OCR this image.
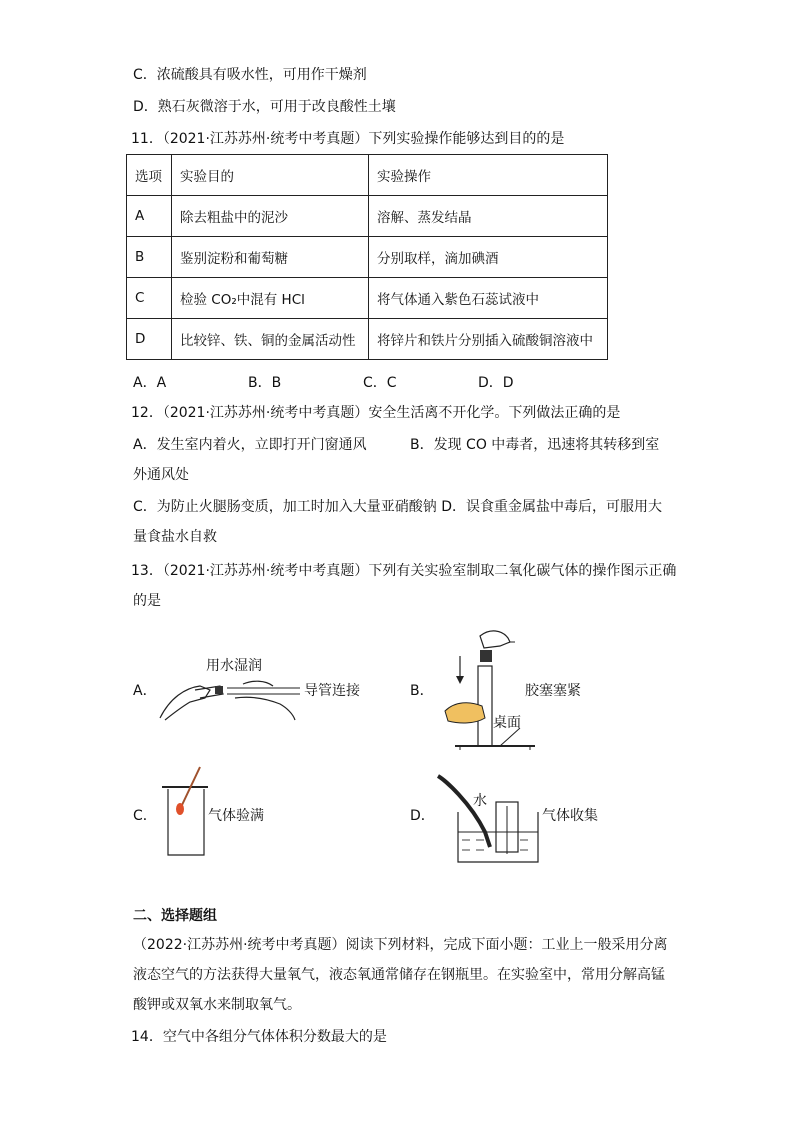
C．浓硫酸具有吸水性，可用作干燥剂
D．熟石灰微溶于水，可用于改良酸性土壤
11．（2021·江苏苏州·统考中考真题）下列实验操作能够达到目的的是
选项	实验目的	实验操作
A	除去粗盐中的泥沙	溶解、蒸发结晶
B	鉴别淀粉和葡萄糖	分别取样，滴加碘酒
C	检验 CO₂中混有 HCl	将气体通入紫色石蕊试液中
D	比较锌、铁、铜的金属活动性	将锌片和铁片分别插入硫酸铜溶液中
A．A	B．B	C．C	D．D
12．（2021·江苏苏州·统考中考真题）安全生活离不开化学。下列做法正确的是
A．发生室内着火，立即打开门窗通风	B．发现 CO 中毒者，迅速将其转移到室
外通风处
C．为防止火腿肠变质，加工时加入大量亚硝酸钠 D．误食重金属盐中毒后，可服用大
量食盐水自救
13．（2021·江苏苏州·统考中考真题）下列有关实验室制取二氧化碳气体的操作图示正确
的是
A．
用水湿润
导管连接	B．	胶塞塞紧
桌面
C．	气体验满	D．
水
气体收集
二、选择题组
（2022·江苏苏州·统考中考真题）阅读下列材料，完成下面小题：工业上一般采用分离
液态空气的方法获得大量氧气，液态氧通常储存在钢瓶里。在实验室中，常用分解高锰
酸钾或双氧水来制取氧气。
14．空气中各组分气体体积分数最大的是
